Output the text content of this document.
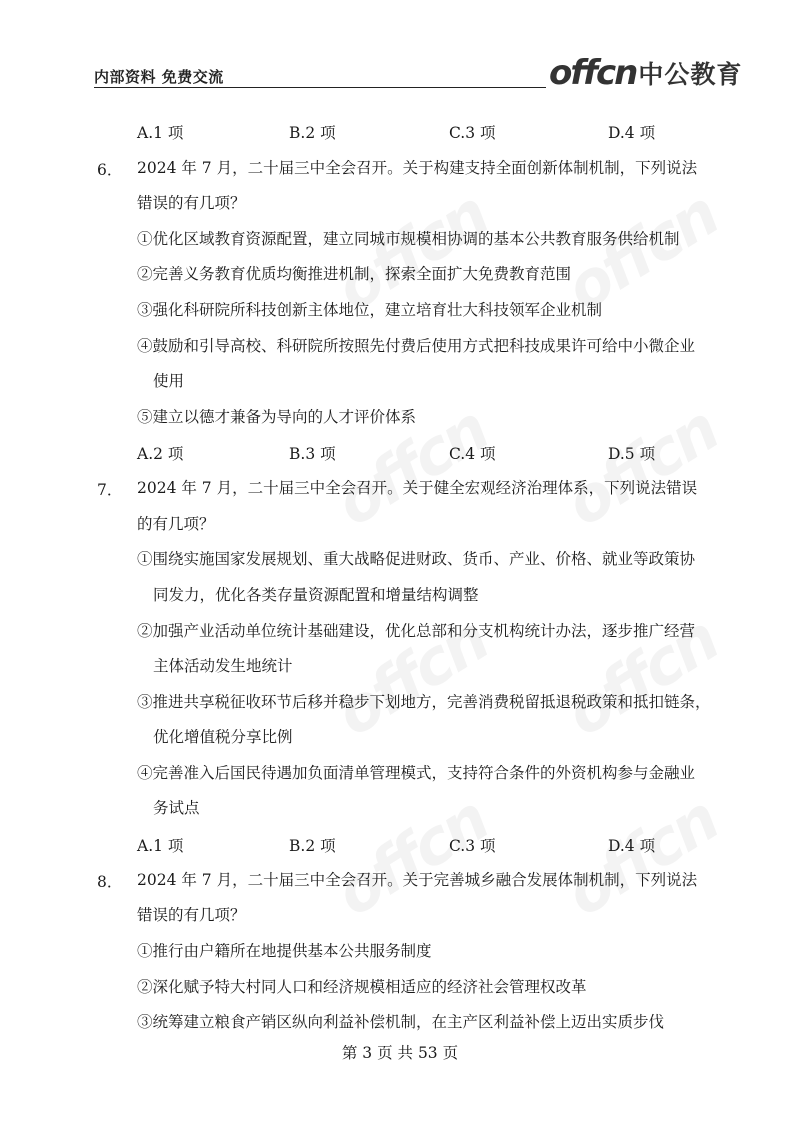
内部资料 免费交流	offcn 中公教育
A.1 项	B.2 项	C.3 项	D.4 项
6． 2024 年 7 月，二十届三中全会召开。关于构建支持全面创新体制机制，下列说法
错误的有几项？
①优化区域教育资源配置，建立同城市规模相协调的基本公共教育服务供给机制
②完善义务教育优质均衡推进机制，探索全面扩大免费教育范围
③强化科研院所科技创新主体地位，建立培育壮大科技领军企业机制
④鼓励和引导高校、科研院所按照先付费后使用方式把科技成果许可给中小微企业
使用
⑤建立以德才兼备为导向的人才评价体系
A.2 项	B.3 项	C.4 项	D.5 项
7． 2024 年 7 月，二十届三中全会召开。关于健全宏观经济治理体系，下列说法错误
的有几项？
①围绕实施国家发展规划、重大战略促进财政、货币、产业、价格、就业等政策协
同发力，优化各类存量资源配置和增量结构调整
②加强产业活动单位统计基础建设，优化总部和分支机构统计办法，逐步推广经营
主体活动发生地统计
③推进共享税征收环节后移并稳步下划地方，完善消费税留抵退税政策和抵扣链条，
优化增值税分享比例
④完善准入后国民待遇加负面清单管理模式，支持符合条件的外资机构参与金融业
务试点
A.1 项	B.2 项	C.3 项	D.4 项
8． 2024 年 7 月，二十届三中全会召开。关于完善城乡融合发展体制机制，下列说法
错误的有几项？
①推行由户籍所在地提供基本公共服务制度
②深化赋予特大村同人口和经济规模相适应的经济社会管理权改革
③统筹建立粮食产销区纵向利益补偿机制，在主产区利益补偿上迈出实质步伐
第 3 页 共 53 页
